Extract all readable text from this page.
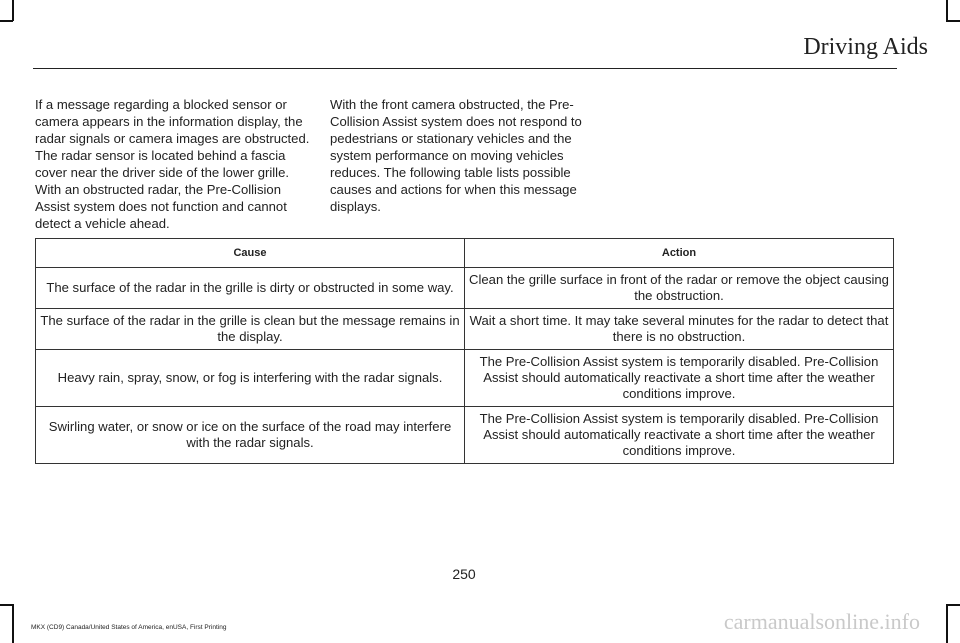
Driving Aids

If a message regarding a blocked sensor or camera appears in the information display, the radar signals or camera images are obstructed. The radar sensor is located behind a fascia cover near the driver side of the lower grille. With an obstructed radar, the Pre-Collision Assist system does not function and cannot detect a vehicle ahead.

With the front camera obstructed, the Pre-Collision Assist system does not respond to pedestrians or stationary vehicles and the system performance on moving vehicles reduces. The following table lists possible causes and actions for when this message displays.

Cause	Action
The surface of the radar in the grille is dirty or obstructed in some way.	Clean the grille surface in front of the radar or remove the object causing the obstruction.
The surface of the radar in the grille is clean but the message remains in the display.	Wait a short time. It may take several minutes for the radar to detect that there is no obstruction.
Heavy rain, spray, snow, or fog is interfering with the radar signals.	The Pre-Collision Assist system is temporarily disabled. Pre-Collision Assist should automatically reactivate a short time after the weather conditions improve.
Swirling water, or snow or ice on the surface of the road may interfere with the radar signals.	The Pre-Collision Assist system is temporarily disabled. Pre-Collision Assist should automatically reactivate a short time after the weather conditions improve.
250
MKX (CD9) Canada/United States of America, enUSA, First Printing	carmanualsonline.info
